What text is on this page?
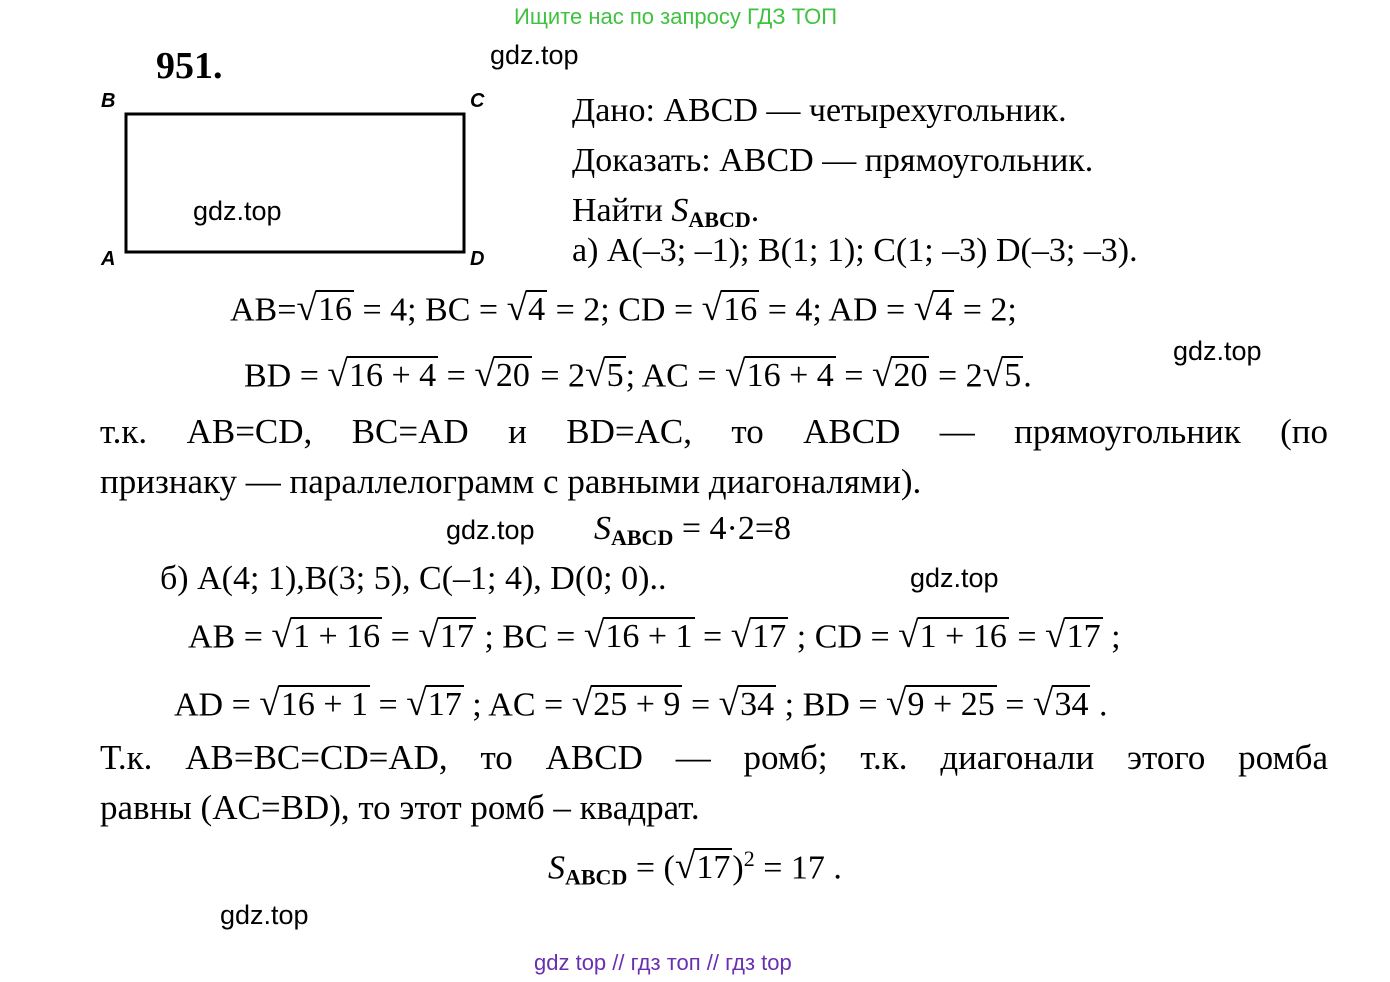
Ищите нас по запросу ГДЗ ТОП
951.
B	C
A	D
gdz.top
gdz.top
gdz.top
gdz.top
gdz.top
gdz.top
Дано: ABCD — четырехугольник.
Доказать: ABCD — прямоугольник.
Найти $S_{ABCD}$.
а) A(–3; –1); B(1; 1); C(1; –3) D(–3; –3).
AB= √ 16 = 4; BC = √ 4 = 2; CD = √ 16 = 4; AD = √ 4 = 2;
BD = √ 16 + 4 = √ 20 = 2 √ 5 ; AC = √ 16 + 4 = √ 20 = 2 √ 5 .
т.к. AB=CD, BC=AD и BD=AC, то ABCD — прямоугольник (по
признаку — параллелограмм с равными диагоналями).
$S_{ABCD} = 4\cdot 2=8$
б) A(4; 1),B(3; 5), C(–1; 4), D(0; 0)..
AB = √ 1 + 16 = √ 17 ; BC = √ 16 + 1 = √ 17 ; CD = √ 1 + 16 = √ 17 ;
AD = √ 16 + 1 = √ 17 ; AC = √ 25 + 9 = √ 34 ; BD = √ 9 + 25 = √ 34 .
Т.к. AB=BC=CD=AD, то ABCD — ромб; т.к. диагонали этого ромба
равны (AC=BD), то этот ромб – квадрат.
$S_{ABCD}$ = ( √ 17 )$^2$ = 17 .
gdz top // гдз топ // гдз top
